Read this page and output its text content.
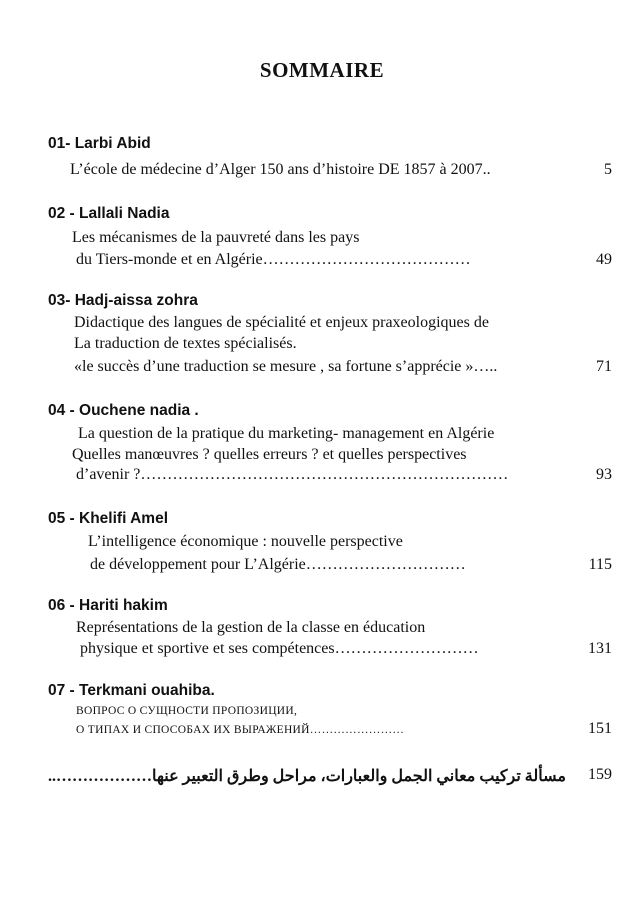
SOMMAIRE
01- Larbi Abid
L’école de médecine d’Alger 150 ans d’histoire DE 1857 à 2007..	5
02 - Lallali Nadia
Les mécanismes de la pauvreté dans les pays
du Tiers-monde et en Algérie…………………………………	49
03- Hadj-aissa zohra
Didactique des langues de spécialité et enjeux praxeologiques de
La traduction de textes spécialisés.
«le succès d’une traduction se mesure , sa fortune s’apprécie »…..	71
04 - Ouchene nadia .
La question de la pratique du marketing- management en Algérie
Quelles manœuvres ? quelles erreurs ? et quelles perspectives
d’avenir ?……………………………………………………………	93
05 - Khelifi Amel
L’intelligence économique : nouvelle perspective
de développement pour L’Algérie…………………………	115
06 - Hariti hakim
Représentations de la gestion de la classe en éducation
physique et sportive et ses compétences………………………	131
07 - Terkmani ouahiba.
ВОПРОС О СУЩНОСТИ ПРОПОЗИЦИИ,
О ТИПАХ И СПОСОБАХ ИХ ВЫРАЖЕНИЙ……………………	151
مسألة تركيب معاني الجمل والعبارات، مراحل وطرق التعبير عنها……………….. 159
